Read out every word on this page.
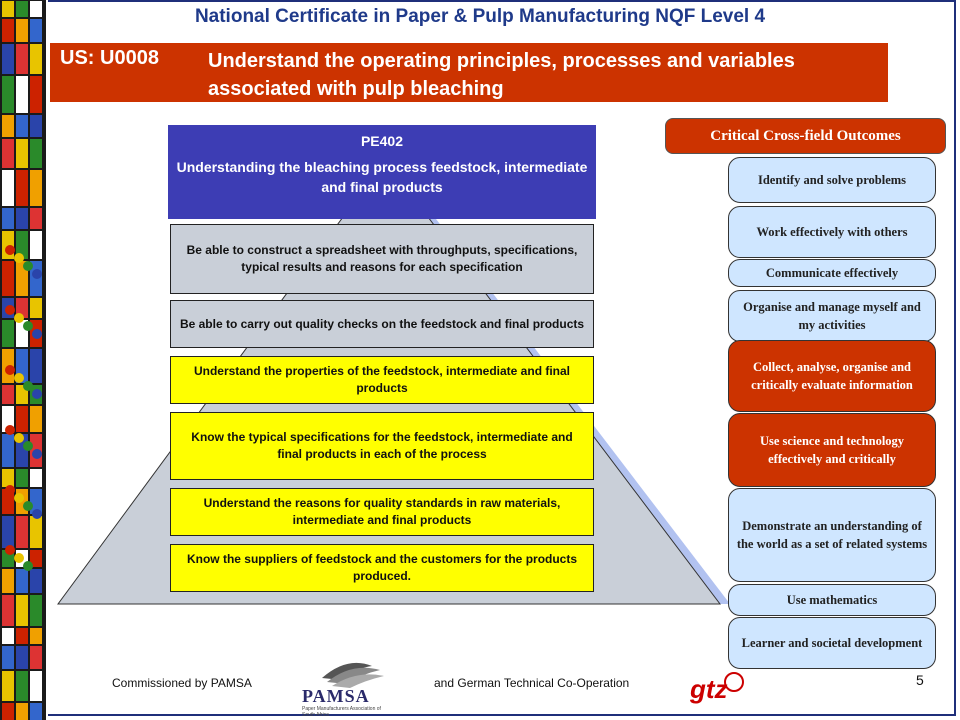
National Certificate in Paper & Pulp Manufacturing NQF Level 4
US: U0008 Understand the operating principles, processes and variables associated with pulp bleaching
PE402
Understanding the bleaching process feedstock, intermediate and final products
Be able to construct a spreadsheet with throughputs, specifications, typical results and reasons for each specification
Be able to carry out quality checks on the feedstock and final products
Understand the properties of the feedstock, intermediate and final products
Know the typical specifications for the feedstock, intermediate and final products in each of the process
Understand the reasons for quality standards in raw materials, intermediate and final products
Know the suppliers of feedstock and the customers for the products produced.
Critical Cross-field Outcomes
Identify and solve problems
Work effectively with others
Communicate effectively
Organise and manage myself and my activities
Collect, analyse, organise and critically evaluate information
Use science and technology effectively and critically
Demonstrate an understanding of the world as a set of related systems
Use mathematics
Learner and societal development
Commissioned by PAMSA
PAMSA
Paper Manufacturers Association of South Africa
and German Technical Co-Operation gtz	5
